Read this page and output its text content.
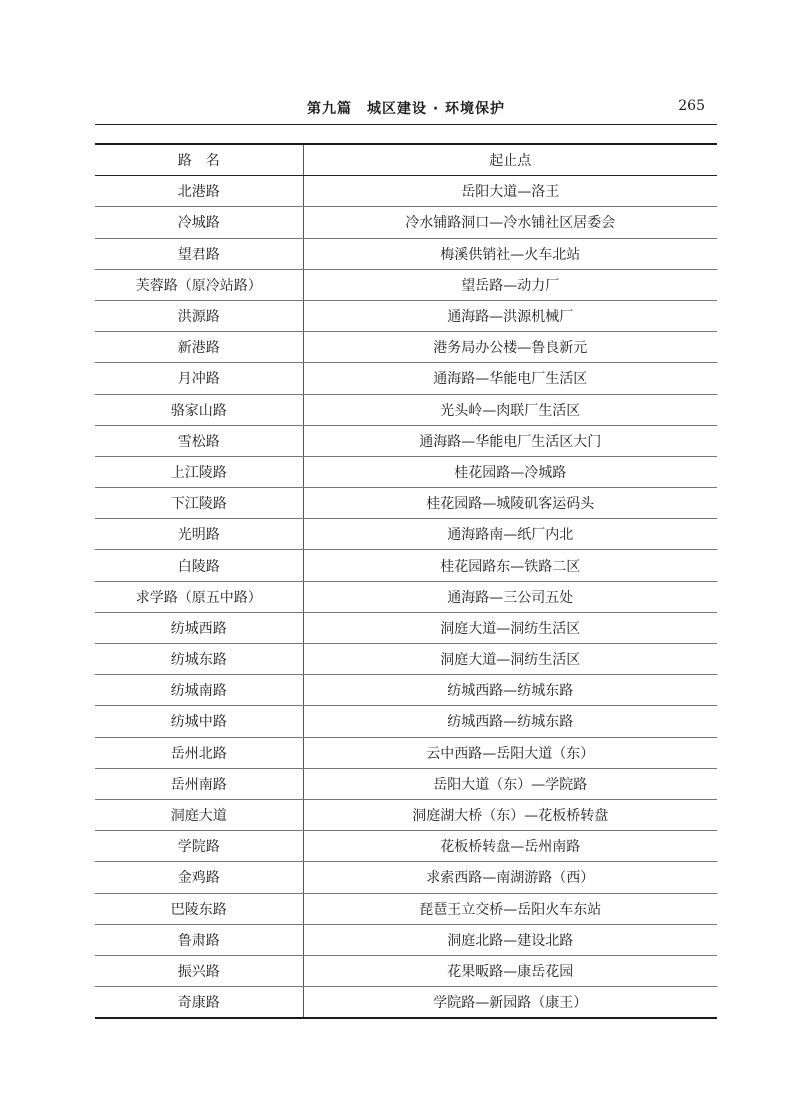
第九篇　城区建设 · 环境保护	265
路　名	起止点
北港路	岳阳大道—洛王
冷城路	冷水铺路洞口—冷水铺社区居委会
望君路	梅溪供销社—火车北站
芙蓉路（原冷站路）	望岳路—动力厂
洪源路	通海路—洪源机械厂
新港路	港务局办公楼—鲁良新元
月冲路	通海路—华能电厂生活区
骆家山路	光头岭—肉联厂生活区
雪松路	通海路—华能电厂生活区大门
上江陵路	桂花园路—冷城路
下江陵路	桂花园路—城陵矶客运码头
光明路	通海路南—纸厂内北
白陵路	桂花园路东—铁路二区
求学路（原五中路）	通海路—三公司五处
纺城西路	洞庭大道—洞纺生活区
纺城东路	洞庭大道—洞纺生活区
纺城南路	纺城西路—纺城东路
纺城中路	纺城西路—纺城东路
岳州北路	云中西路—岳阳大道（东）
岳州南路	岳阳大道（东）—学院路
洞庭大道	洞庭湖大桥（东）—花板桥转盘
学院路	花板桥转盘—岳州南路
金鸡路	求索西路—南湖游路（西）
巴陵东路	琵琶王立交桥—岳阳火车东站
鲁肃路	洞庭北路—建设北路
振兴路	花果畈路—康岳花园
奇康路	学院路—新园路（康王）
